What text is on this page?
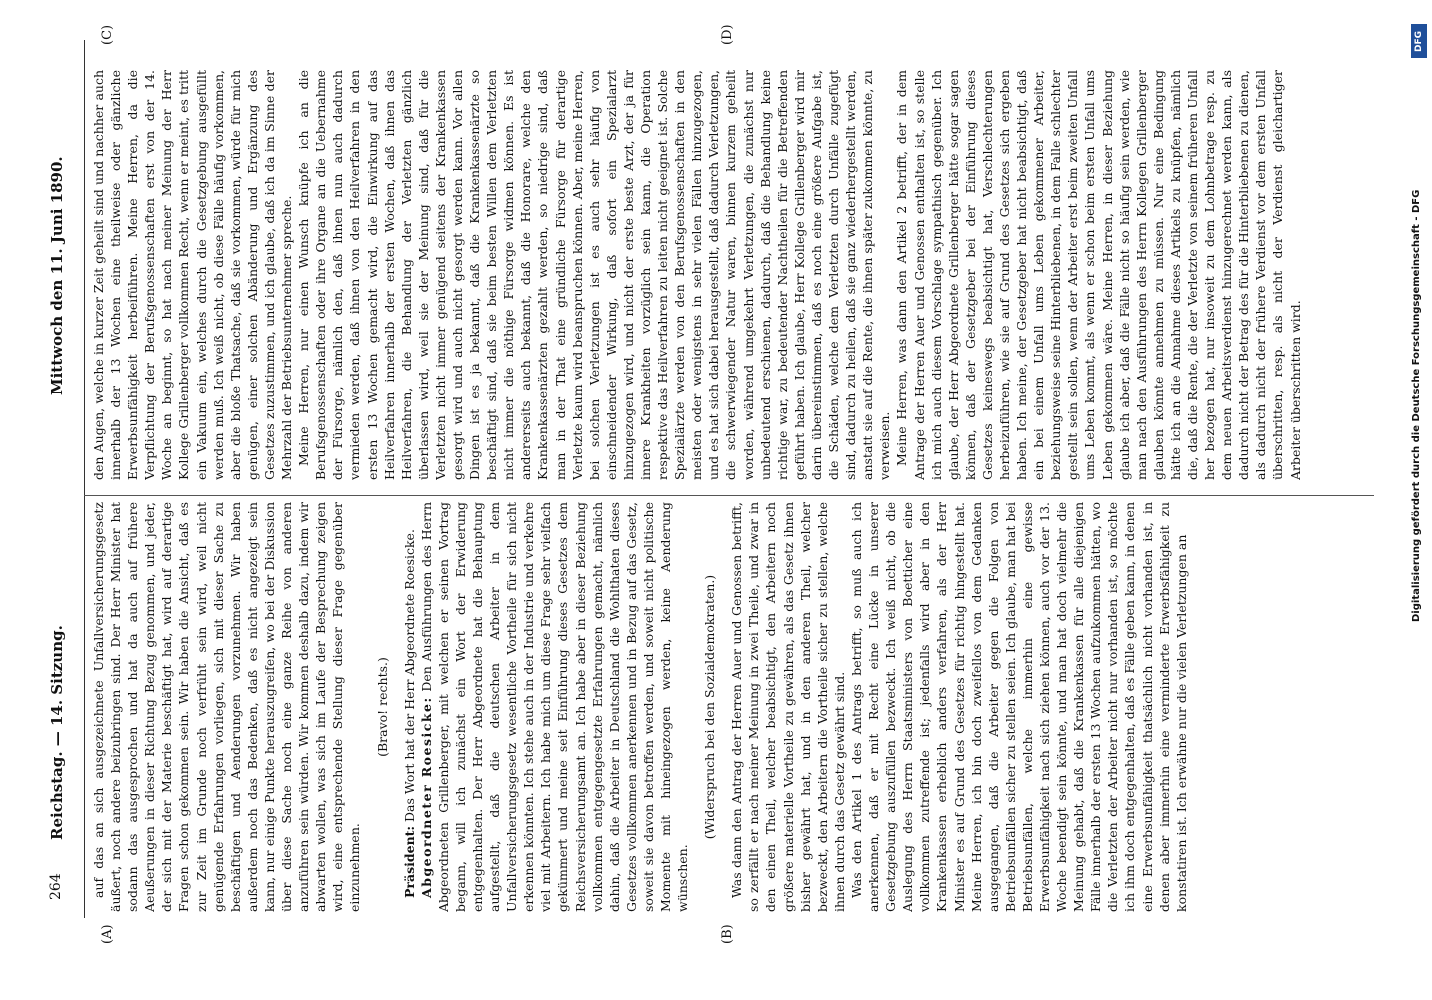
264
Reichstag. — 14. Sitzung.
Mittwoch den 11. Juni 1890.
(A)	(B)
(C)	(D)

auf das an sich ausgezeichnete Unfallversicherungsgesetz äußert, noch andere beizubringen sind. Der Herr Minister hat sodann das ausgesprochen und hat da auch auf frühere Aeußerungen in dieser Richtung Bezug genommen, und jeder, der sich mit der Materie beschäftigt hat, wird auf derartige Fragen schon gekommen sein. Wir haben die Ansicht, daß es zur Zeit im Grunde noch verfrüht sein wird, weil nicht genügende Erfahrungen vorliegen, sich mit dieser Sache zu beschäftigen und Aenderungen vorzunehmen. Wir haben außerdem noch das Bedenken, daß es nicht angezeigt sein kann, nur einige Punkte herauszugreifen, wo bei der Diskussion über diese Sache noch eine ganze Reihe von anderen anzuführen sein würden. Wir kommen deshalb dazu, indem wir abwarten wollen, was sich im Laufe der Besprechung zeigen wird, eine entsprechende Stellung dieser Frage gegenüber einzunehmen.

(Bravo! rechts.)

Präsident: Das Wort hat der Herr Abgeordnete Roesicke. Abgeordneter Roesicke: Den Ausführungen des Herrn Abgeordneten Grillenberger, mit welchen er seinen Vortrag begann, will ich zunächst ein Wort der Erwiderung entgegenhalten. Der Herr Abgeordnete hat die Behauptung aufgestellt, daß die deutschen Arbeiter in dem Unfallversicherungsgesetz wesentliche Vortheile für sich nicht erkennen könnten. Ich stehe auch in der Industrie und verkehre viel mit Arbeitern. Ich habe mich um diese Frage sehr vielfach gekümmert und meine seit Einführung dieses Gesetzes dem Reichsversicherungsamt an. Ich habe aber in dieser Beziehung vollkommen entgegengesetzte Erfahrungen gemacht, nämlich dahin, daß die Arbeiter in Deutschland die Wohlthaten dieses Gesetzes vollkommen anerkennen und in Bezug auf das Gesetz, soweit sie davon betroffen werden, und soweit nicht politische Momente mit hineingezogen werden, keine Aenderung wünschen.

(Widerspruch bei den Sozialdemokraten.) Was dann den Antrag der Herren Auer und Genossen betrifft, so zerfällt er nach meiner Meinung in zwei Theile, und zwar in den einen Theil, welcher beabsichtigt, den Arbeitern noch größere materielle Vortheile zu gewähren, als das Gesetz ihnen bisher gewährt hat, und in den anderen Theil, welcher bezweckt, den Arbeitern die Vortheile sicher zu stellen, welche ihnen durch das Gesetz gewährt sind. Was den Artikel 1 des Antrags betrifft, so muß auch ich anerkennen, daß er mit Recht eine Lücke in unserer Gesetzgebung auszufüllen bezweckt. Ich weiß nicht, ob die Auslegung des Herrn Staatsministers von Boetticher eine vollkommen zutreffende ist; jedenfalls wird aber in den Krankenkassen erheblich anders verfahren, als der Herr Minister es auf Grund des Gesetzes für richtig hingestellt hat. Meine Herren, ich bin doch zweifellos von dem Gedanken ausgegangen, daß die Arbeiter gegen die Folgen von Betriebsunfällen sicher zu stellen seien. Ich glaube, man hat bei Betriebsunfällen, welche immerhin eine gewisse Erwerbsunfähigkeit nach sich ziehen können, auch vor der 13. Woche beendigt sein könnte, und man hat doch vielmehr die Meinung gehabt, daß die Krankenkassen für alle diejenigen Fälle innerhalb der ersten 13 Wochen aufzukommen hätten, wo die Verletzten der Arbeiter nicht nur vorhanden ist, so möchte ich ihm doch entgegenhalten, daß es Fälle geben kann, in denen eine Erwerbsunfähigkeit thatsächlich nicht vorhanden ist, in denen aber immerhin eine verminderte Erwerbsfähigkeit zu konstatiren ist. Ich erwähne nur die vielen Verletzungen an

den Augen, welche in kurzer Zeit geheilt sind und nachher auch innerhalb der 13 Wochen eine theilweise oder gänzliche Erwerbsunfähigkeit herbeiführen. Meine Herren, da die Verpflichtung der Berufsgenossenschaften erst von der 14. Woche an beginnt, so hat nach meiner Meinung der Herr Kollege Grillenberger vollkommen Recht, wenn er meint, es tritt ein Vakuum ein, welches durch die Gesetzgebung ausgefüllt werden muß. Ich weiß nicht, ob diese Fälle häufig vorkommen, aber die bloße Thatsache, daß sie vorkommen, würde für mich genügen, einer solchen Abänderung und Ergänzung des Gesetzes zuzustimmen, und ich glaube, daß ich da im Sinne der Mehrzahl der Betriebsunternehmer spreche. Meine Herren, nur einen Wunsch knüpfe ich an die Berufsgenossenschaften oder ihre Organe an die Uebernahme der Fürsorge, nämlich den, daß ihnen nun auch dadurch vermieden werden, daß ihnen von den Heilverfahren in den ersten 13 Wochen gemacht wird, die Einwirkung auf das Heilverfahren innerhalb der ersten Wochen, daß ihnen das Heilverfahren, die Behandlung der Verletzten gänzlich überlassen wird, weil sie der Meinung sind, daß für die Verletzten nicht immer genügend seitens der Krankenkassen gesorgt wird und auch nicht gesorgt werden kann. Vor allen Dingen ist es ja bekannt, daß die Krankenkassenärzte so beschäftigt sind, daß sie beim besten Willen dem Verletzten nicht immer die nöthige Fürsorge widmen können. Es ist andererseits auch bekannt, daß die Honorare, welche den Krankenkassenärzten gezahlt werden, so niedrige sind, daß man in der That eine gründliche Fürsorge für derartige Verletzte kaum wird beanspruchen können. Aber, meine Herren, bei solchen Verletzungen ist es auch sehr häufig von einschneidender Wirkung, daß sofort ein Spezialarzt hinzugezogen wird, und nicht der erste beste Arzt, der ja für innere Krankheiten vorzüglich sein kann, die Operation respektive das Heilverfahren zu leiten nicht geeignet ist. Solche Spezialärzte werden von den Berufsgenossenschaften in den meisten oder wenigstens in sehr vielen Fällen hinzugezogen, und es hat sich dabei herausgestellt, daß dadurch Verletzungen, die schwerwiegender Natur waren, binnen kurzem geheilt worden, während umgekehrt Verletzungen, die zunächst nur unbedeutend erschienen, dadurch, daß die Behandlung keine richtige war, zu bedeutender Nachtheilen für die Betreffenden geführt haben. Ich glaube, Herr Kollege Grillenberger wird mir darin übereinstimmen, daß es noch eine größere Aufgabe ist, die Schäden, welche dem Verletzten durch Unfälle zugefügt sind, dadurch zu heilen, daß sie ganz wiederhergestellt werden, anstatt sie auf die Rente, die ihnen später zukommen könnte, zu verweisen. Meine Herren, was dann den Artikel 2 betrifft, der in dem Antrage der Herren Auer und Genossen enthalten ist, so stelle ich mich auch diesem Vorschlage sympathisch gegenüber. Ich glaube, der Herr Abgeordnete Grillenberger hätte sogar sagen können, daß der Gesetzgeber bei der Einführung dieses Gesetzes keineswegs beabsichtigt hat, Verschlechterungen herbeizuführen, wie sie auf Grund des Gesetzes sich ergeben haben. Ich meine, der Gesetzgeber hat nicht beabsichtigt, daß ein bei einem Unfall ums Leben gekommener Arbeiter, beziehungsweise seine Hinterbliebenen, in dem Falle schlechter gestellt sein sollen, wenn der Arbeiter erst beim zweiten Unfall ums Leben kommt, als wenn er schon beim ersten Unfall ums Leben gekommen wäre. Meine Herren, in dieser Beziehung glaube ich aber, daß die Fälle nicht so häufig sein werden, wie man nach den Ausführungen des Herrn Kollegen Grillenberger glauben könnte annehmen zu müssen. Nur eine Bedingung hätte ich an die Annahme dieses Artikels zu knüpfen, nämlich die, daß die Rente, die der Verletzte von seinem früheren Unfall her bezogen hat, nur insoweit zu dem Lohnbetrage resp. zu dem neuen Arbeitsverdienst hinzugerechnet werden kann, als dadurch nicht der Betrag des für die Hinterbliebenen zu dienen, als dadurch nicht der frühere Verdienst vor dem ersten Unfall überschritten, resp. als nicht der Verdienst gleichartiger Arbeiter überschritten wird.

DFG
Digitalisierung gefördert durch die Deutsche Forschungsgemeinschaft - DFG
